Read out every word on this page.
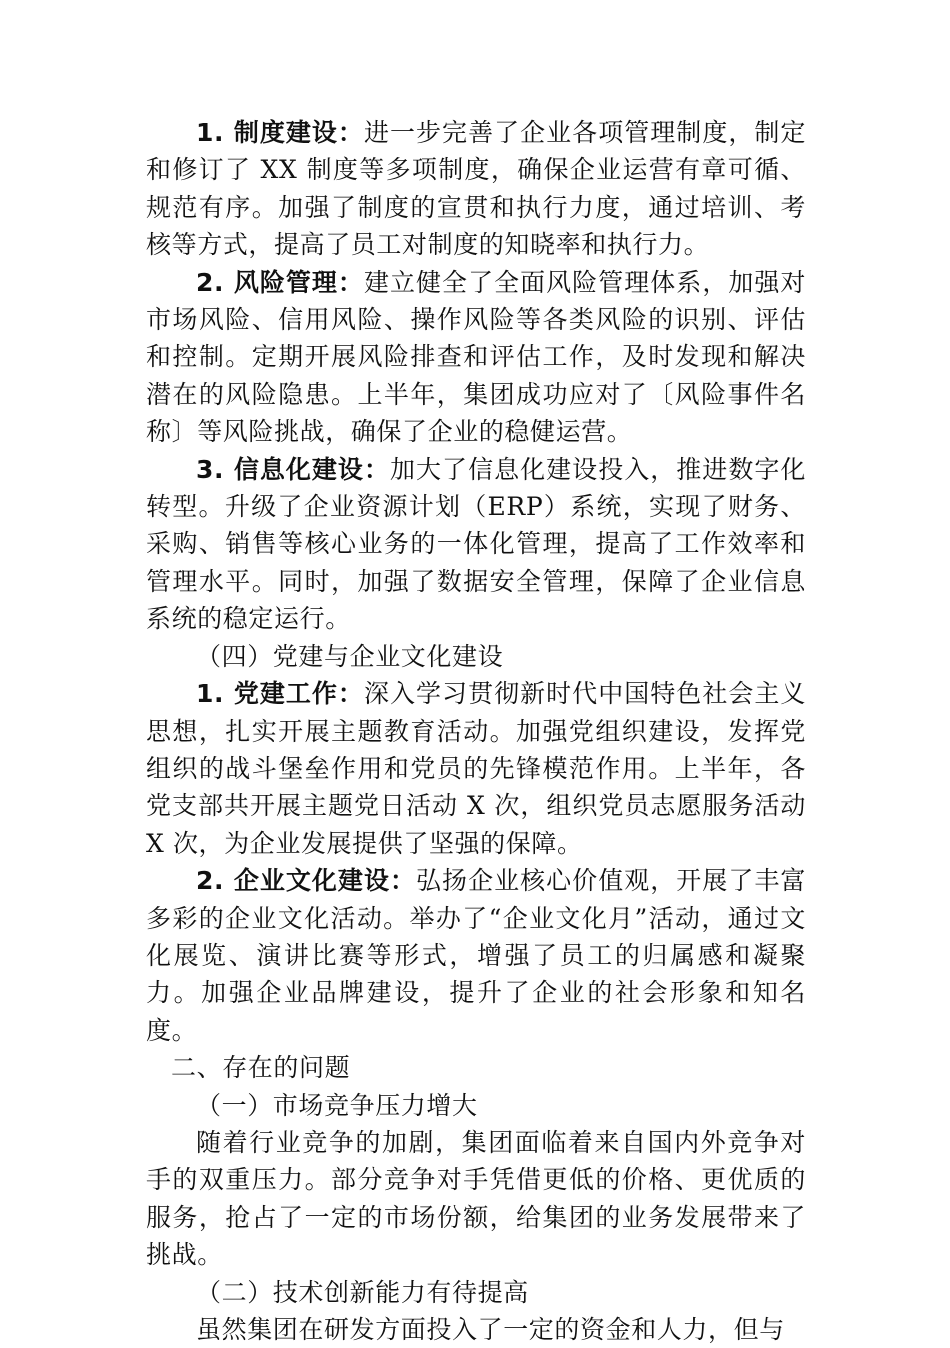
1. 制度建设：进一步完善了企业各项管理制度，制定和修订了 XX 制度等多项制度，确保企业运营有章可循、规范有序。加强了制度的宣贯和执行力度，通过培训、考核等方式，提高了员工对制度的知晓率和执行力。

2. 风险管理：建立健全了全面风险管理体系，加强对市场风险、信用风险、操作风险等各类风险的识别、评估和控制。定期开展风险排查和评估工作，及时发现和解决潜在的风险隐患。上半年，集团成功应对了〔风险事件名称〕等风险挑战，确保了企业的稳健运营。

3. 信息化建设：加大了信息化建设投入，推进数字化转型。升级了企业资源计划（ERP）系统，实现了财务、采购、销售等核心业务的一体化管理，提高了工作效率和管理水平。同时，加强了数据安全管理，保障了企业信息系统的稳定运行。

（四）党建与企业文化建设

1. 党建工作：深入学习贯彻新时代中国特色社会主义思想，扎实开展主题教育活动。加强党组织建设，发挥党组织的战斗堡垒作用和党员的先锋模范作用。上半年，各党支部共开展主题党日活动 X 次，组织党员志愿服务活动 X 次，为企业发展提供了坚强的保障。

2. 企业文化建设：弘扬企业核心价值观，开展了丰富多彩的企业文化活动。举办了“企业文化月”活动，通过文化展览、演讲比赛等形式，增强了员工的归属感和凝聚力。加强企业品牌建设，提升了企业的社会形象和知名度。

二、存在的问题

（一）市场竞争压力增大

随着行业竞争的加剧，集团面临着来自国内外竞争对手的双重压力。部分竞争对手凭借更低的价格、更优质的服务，抢占了一定的市场份额，给集团的业务发展带来了挑战。

（二）技术创新能力有待提高

虽然集团在研发方面投入了一定的资金和人力，但与
